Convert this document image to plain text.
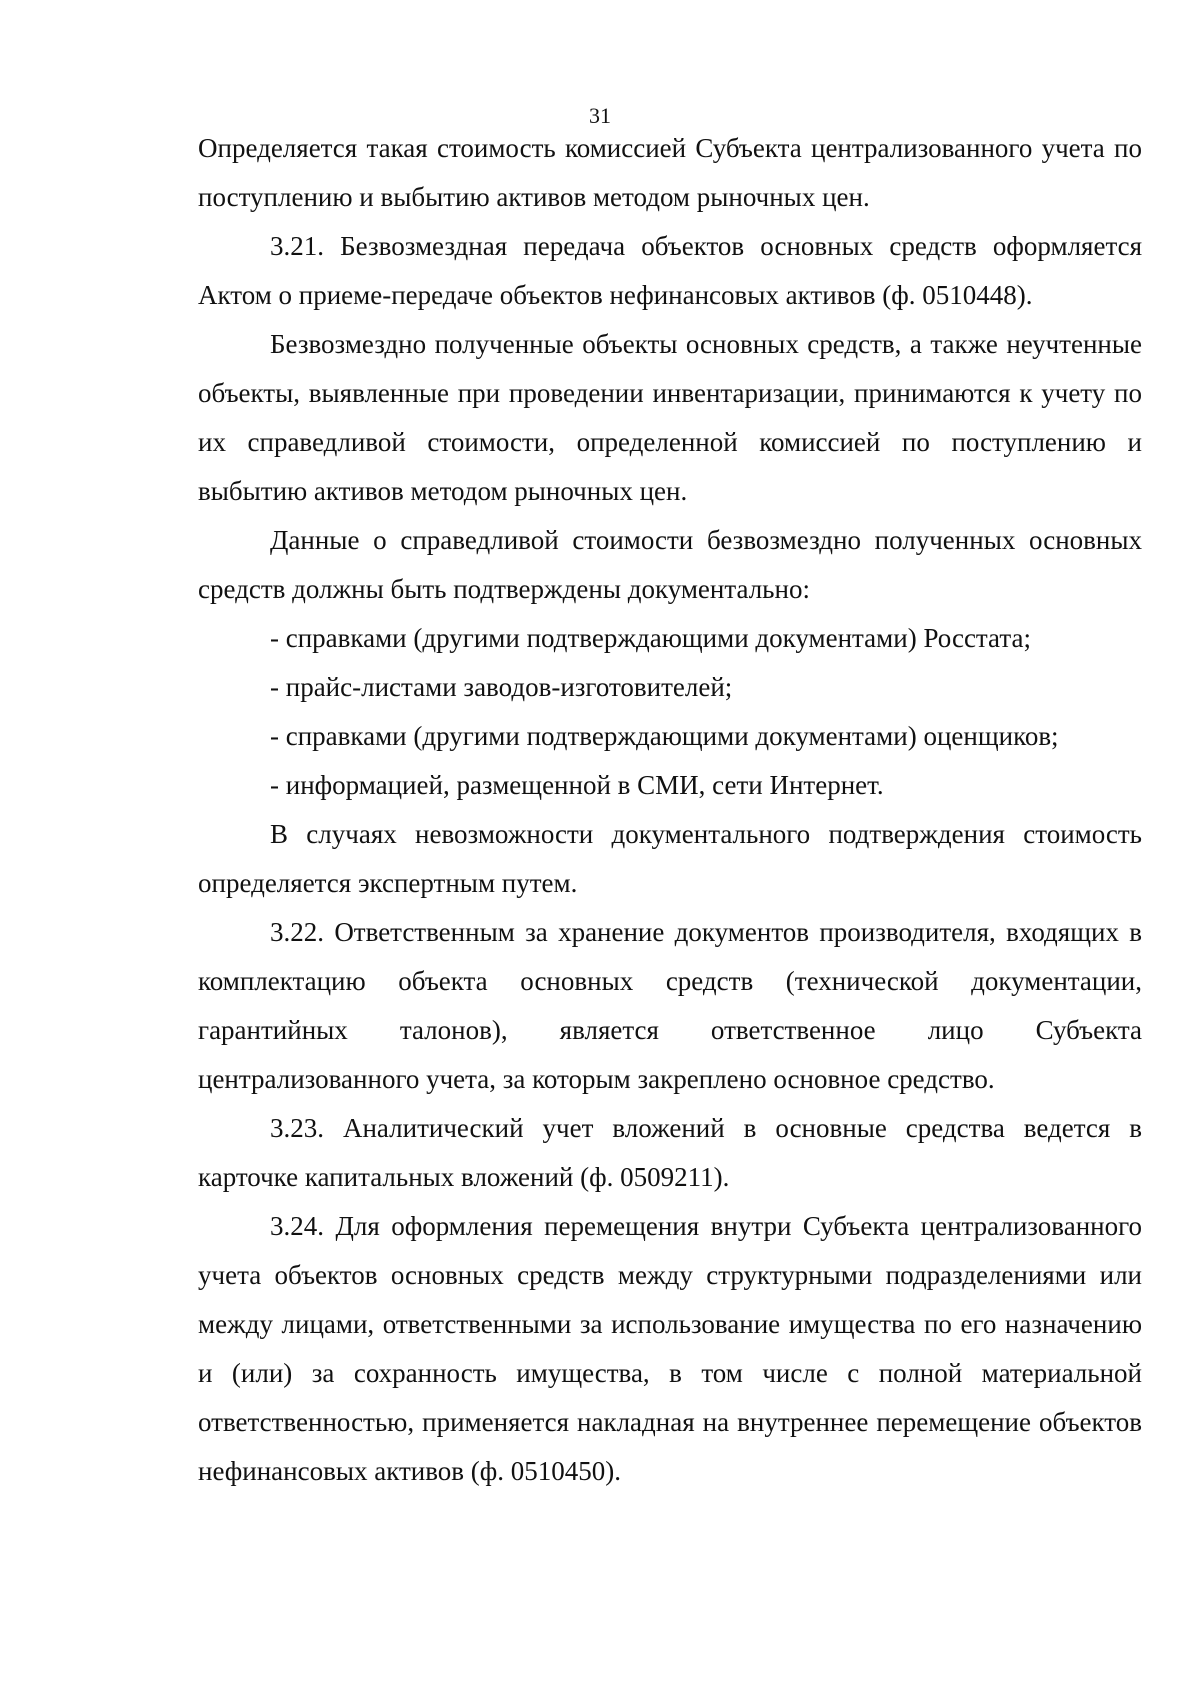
31

Определяется такая стоимость комиссией Субъекта централизованного учета по поступлению и выбытию активов методом рыночных цен.

3.21. Безвозмездная передача объектов основных средств оформляется Актом о приеме-передаче объектов нефинансовых активов (ф. 0510448).

Безвозмездно полученные объекты основных средств, а также неучтенные объекты, выявленные при проведении инвентаризации, принимаются к учету по их справедливой стоимости, определенной комиссией по поступлению и выбытию активов методом рыночных цен.

Данные о справедливой стоимости безвозмездно полученных основных средств должны быть подтверждены документально:

- справками (другими подтверждающими документами) Росстата;

- прайс-листами заводов-изготовителей;

- справками (другими подтверждающими документами) оценщиков;

- информацией, размещенной в СМИ, сети Интернет.

В случаях невозможности документального подтверждения стоимость определяется экспертным путем.

3.22. Ответственным за хранение документов производителя, входящих в комплектацию объекта основных средств (технической документации, гарантийных талонов), является ответственное лицо Субъекта централизованного учета, за которым закреплено основное средство.

3.23. Аналитический учет вложений в основные средства ведется в карточке капитальных вложений (ф. 0509211).

3.24. Для оформления перемещения внутри Субъекта централизованного учета объектов основных средств между структурными подразделениями или между лицами, ответственными за использование имущества по его назначению и (или) за сохранность имущества, в том числе с полной материальной ответственностью, применяется накладная на внутреннее перемещение объектов нефинансовых активов (ф. 0510450).
